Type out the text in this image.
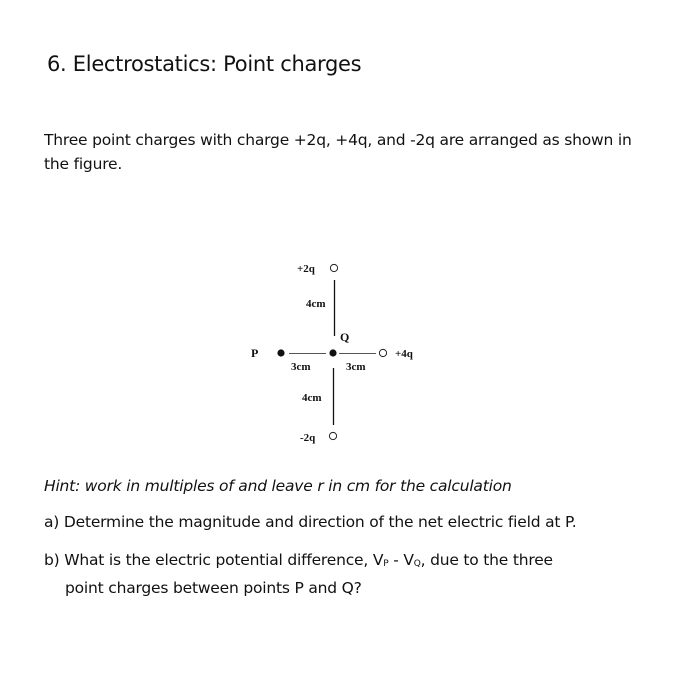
6. Electrostatics: Point charges
Three point charges with charge +2q, +4q, and -2q are arranged as shown in the figure.
+2q
4cm
Q
P	+4q
3cm	3cm
4cm
-2q
Hint: work in multiples of and leave r in cm for the calculation
a) Determine the magnitude and direction of the net electric field at P.
b) What is the electric potential difference, VP - VQ, due to the three
point charges between points P and Q?
